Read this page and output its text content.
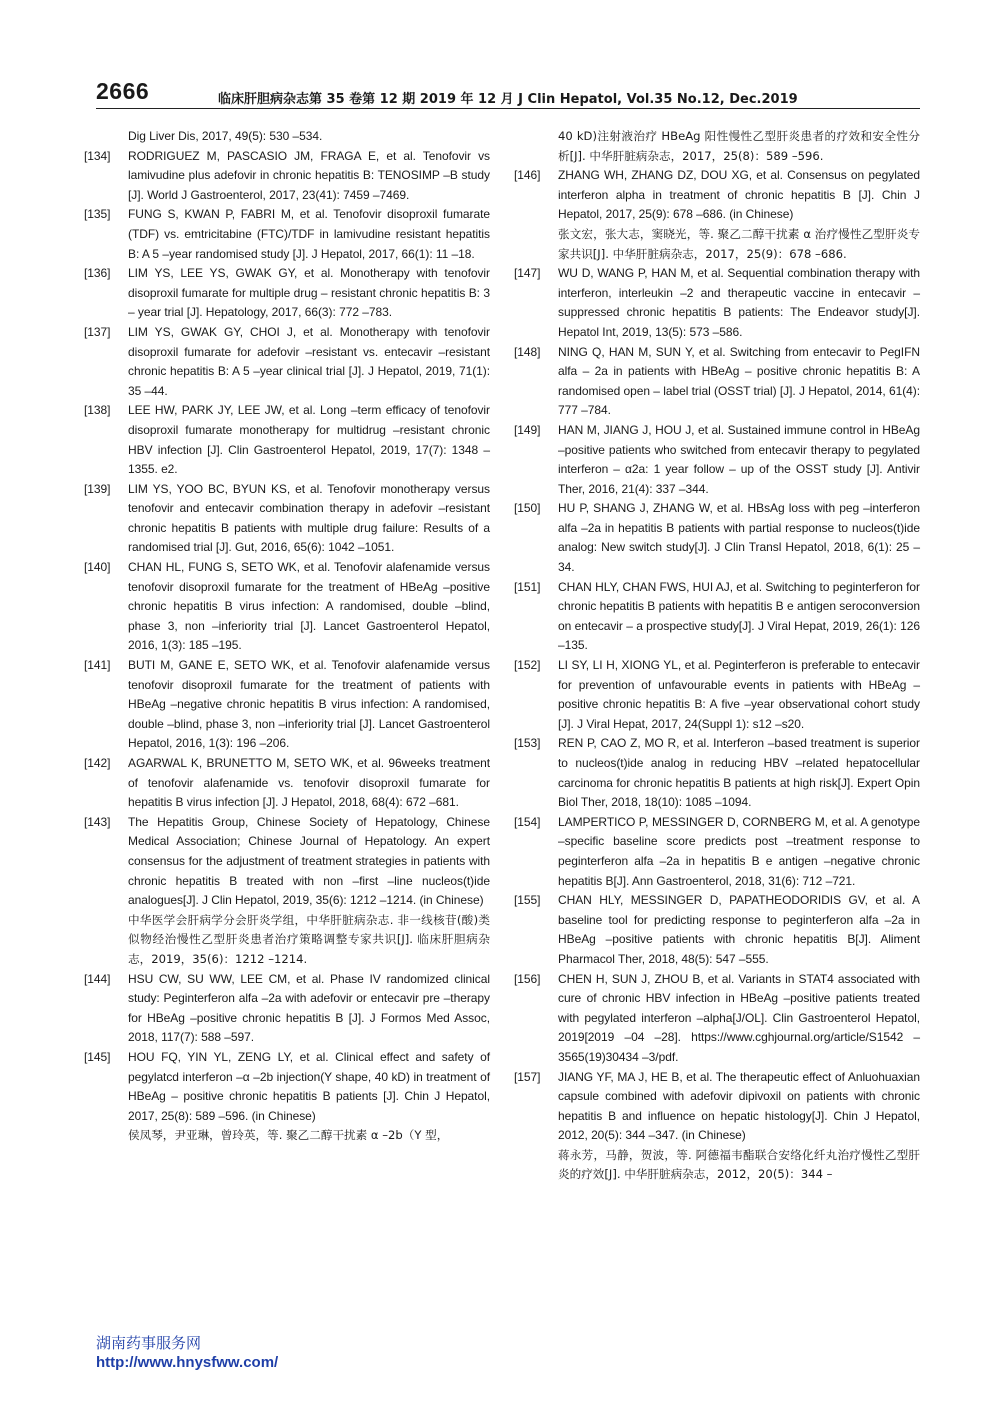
2666	临床肝胆病杂志第 35 卷第 12 期 2019 年 12 月 J Clin Hepatol, Vol.35 No.12, Dec.2019
Dig Liver Dis, 2017, 49(5): 530 –534.
[134]	RODRIGUEZ M, PASCASIO JM, FRAGA E, et al. Tenofovir vs lamivudine plus adefovir in chronic hepatitis B: TENOSIMP –B study [J]. World J Gastroenterol, 2017, 23(41): 7459 –7469.
[135]	FUNG S, KWAN P, FABRI M, et al. Tenofovir disoproxil fumarate (TDF) vs. emtricitabine (FTC)/TDF in lamivudine resistant hepatitis B: A 5 –year randomised study [J]. J Hepatol, 2017, 66(1): 11 –18.
[136]	LIM YS, LEE YS, GWAK GY, et al. Monotherapy with tenofovir disoproxil fumarate for multiple drug – resistant chronic hepatitis B: 3 – year trial [J]. Hepatology, 2017, 66(3): 772 –783.
[137]	LIM YS, GWAK GY, CHOI J, et al. Monotherapy with tenofovir disoproxil fumarate for adefovir –resistant vs. entecavir –resistant chronic hepatitis B: A 5 –year clinical trial [J]. J Hepatol, 2019, 71(1): 35 –44.
[138]	LEE HW, PARK JY, LEE JW, et al. Long –term efficacy of tenofovir disoproxil fumarate monotherapy for multidrug –resistant chronic HBV infection [J]. Clin Gastroenterol Hepatol, 2019, 17(7): 1348 –1355. e2.
[139]	LIM YS, YOO BC, BYUN KS, et al. Tenofovir monotherapy versus tenofovir and entecavir combination therapy in adefovir –resistant chronic hepatitis B patients with multiple drug failure: Results of a randomised trial [J]. Gut, 2016, 65(6): 1042 –1051.
[140]	CHAN HL, FUNG S, SETO WK, et al. Tenofovir alafenamide versus tenofovir disoproxil fumarate for the treatment of HBeAg –positive chronic hepatitis B virus infection: A randomised, double –blind, phase 3, non –inferiority trial [J]. Lancet Gastroenterol Hepatol, 2016, 1(3): 185 –195.
[141]	BUTI M, GANE E, SETO WK, et al. Tenofovir alafenamide versus tenofovir disoproxil fumarate for the treatment of patients with HBeAg –negative chronic hepatitis B virus infection: A randomised, double –blind, phase 3, non –inferiority trial [J]. Lancet Gastroenterol Hepatol, 2016, 1(3): 196 –206.
[142]	AGARWAL K, BRUNETTO M, SETO WK, et al. 96weeks treatment of tenofovir alafenamide vs. tenofovir disoproxil fumarate for hepatitis B virus infection [J]. J Hepatol, 2018, 68(4): 672 –681.
[143]	The Hepatitis Group, Chinese Society of Hepatology, Chinese Medical Association; Chinese Journal of Hepatology. An expert consensus for the adjustment of treatment strategies in patients with chronic hepatitis B treated with non –first –line nucleos(t)ide analogues[J]. J Clin Hepatol, 2019, 35(6): 1212 –1214. (in Chinese)
中华医学会肝病学分会肝炎学组，中华肝脏病杂志. 非一线核苷(酸)类似物经治慢性乙型肝炎患者治疗策略调整专家共识[J]. 临床肝胆病杂志，2019，35(6)：1212 –1214.
[144]	HSU CW, SU WW, LEE CM, et al. Phase IV randomized clinical study: Peginterferon alfa –2a with adefovir or entecavir pre –therapy for HBeAg –positive chronic hepatitis B [J]. J Formos Med Assoc, 2018, 117(7): 588 –597.
[145]	HOU FQ, YIN YL, ZENG LY, et al. Clinical effect and safety of pegylatcd interferon –α –2b injection(Y shape, 40 kD) in treatment of HBeAg – positive chronic hepatitis B patients [J]. Chin J Hepatol, 2017, 25(8): 589 –596. (in Chinese)
侯凤琴，尹亚琳，曾玲英，等. 聚乙二醇干扰素 α –2b（Y 型，
40 kD)注射液治疗 HBeAg 阳性慢性乙型肝炎患者的疗效和安全性分析[J]. 中华肝脏病杂志，2017，25(8)：589 –596.
[146]	ZHANG WH, ZHANG DZ, DOU XG, et al. Consensus on pegylated interferon alpha in treatment of chronic hepatitis B [J]. Chin J Hepatol, 2017, 25(9): 678 –686. (in Chinese)
张文宏，张大志，窦晓光，等. 聚乙二醇干扰素 α 治疗慢性乙型肝炎专家共识[J]. 中华肝脏病杂志，2017，25(9)：678 –686.
[147]	WU D, WANG P, HAN M, et al. Sequential combination therapy with interferon, interleukin –2 and therapeutic vaccine in entecavir –suppressed chronic hepatitis B patients: The Endeavor study[J]. Hepatol Int, 2019, 13(5): 573 –586.
[148]	NING Q, HAN M, SUN Y, et al. Switching from entecavir to PegIFN alfa – 2a in patients with HBeAg – positive chronic hepatitis B: A randomised open – label trial (OSST trial) [J]. J Hepatol, 2014, 61(4): 777 –784.
[149]	HAN M, JIANG J, HOU J, et al. Sustained immune control in HBeAg –positive patients who switched from entecavir therapy to pegylated interferon – α2a: 1 year follow – up of the OSST study [J]. Antivir Ther, 2016, 21(4): 337 –344.
[150]	HU P, SHANG J, ZHANG W, et al. HBsAg loss with peg –interferon alfa –2a in hepatitis B patients with partial response to nucleos(t)ide analog: New switch study[J]. J Clin Transl Hepatol, 2018, 6(1): 25 –34.
[151]	CHAN HLY, CHAN FWS, HUI AJ, et al. Switching to peginterferon for chronic hepatitis B patients with hepatitis B e antigen seroconversion on entecavir – a prospective study[J]. J Viral Hepat, 2019, 26(1): 126 –135.
[152]	LI SY, LI H, XIONG YL, et al. Peginterferon is preferable to entecavir for prevention of unfavourable events in patients with HBeAg –positive chronic hepatitis B: A five –year observational cohort study [J]. J Viral Hepat, 2017, 24(Suppl 1): s12 –s20.
[153]	REN P, CAO Z, MO R, et al. Interferon –based treatment is superior to nucleos(t)ide analog in reducing HBV –related hepatocellular carcinoma for chronic hepatitis B patients at high risk[J]. Expert Opin Biol Ther, 2018, 18(10): 1085 –1094.
[154]	LAMPERTICO P, MESSINGER D, CORNBERG M, et al. A genotype –specific baseline score predicts post –treatment response to peginterferon alfa –2a in hepatitis B e antigen –negative chronic hepatitis B[J]. Ann Gastroenterol, 2018, 31(6): 712 –721.
[155]	CHAN HLY, MESSINGER D, PAPATHEODORIDIS GV, et al. A baseline tool for predicting response to peginterferon alfa –2a in HBeAg –positive patients with chronic hepatitis B[J]. Aliment Pharmacol Ther, 2018, 48(5): 547 –555.
[156]	CHEN H, SUN J, ZHOU B, et al. Variants in STAT4 associated with cure of chronic HBV infection in HBeAg –positive patients treated with pegylated interferon –alpha[J/OL]. Clin Gastroenterol Hepatol, 2019[2019 –04 –28]. https://www.cghjournal.org/article/S1542 –3565(19)30434 –3/pdf.
[157]	JIANG YF, MA J, HE B, et al. The therapeutic effect of Anluohuaxian capsule combined with adefovir dipivoxil on patients with chronic hepatitis B and influence on hepatic histology[J]. Chin J Hepatol, 2012, 20(5): 344 –347. (in Chinese)
蒋永芳，马静，贺波，等. 阿德福韦酯联合安络化纤丸治疗慢性乙型肝炎的疗效[J]. 中华肝脏病杂志，2012，20(5)：344 –
湖南药事服务网
http://www.hnysfww.com/
